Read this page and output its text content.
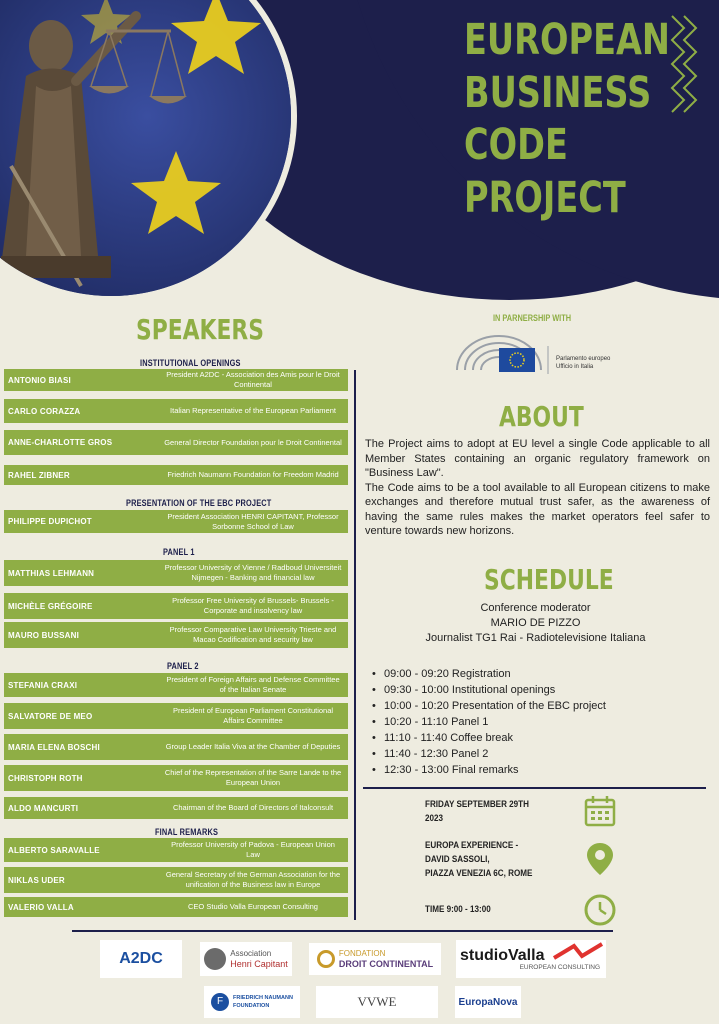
EUROPEAN
BUSINESS
CODE
PROJECT
SPEAKERS
INSTITUTIONAL OPENINGS
ANTONIO BIASI
President A2DC - Association des Amis pour le Droit Continental
CARLO CORAZZA	Italian Representative of the European Parliament
ANNE-CHARLOTTE GROS	General Director Foundation pour le Droit Continental
RAHEL ZIBNER	Friedrich Naumann Foundation for Freedom Madrid
PRESENTATION OF THE EBC PROJECT
PHILIPPE DUPICHOT
President Association HENRI CAPITANT, Professor Sorbonne School of Law
PANEL 1
MATTHIAS LEHMANN
Professor University of Vienne / Radboud Universiteit Nijmegen - Banking and financial law
MICHÈLE GRÉGOIRE
Professor Free University of Brussels- Brussels - Corporate and insolvency law
MAURO BUSSANI
Professor Comparative Law University Trieste and Macao Codification and security law
PANEL 2
STEFANIA CRAXI
President of Foreign Affairs and Defense Committee of the Italian Senate
SALVATORE DE MEO
President of European Parliament Constitutional Affairs Committee
MARIA ELENA BOSCHI	Group Leader Italia Viva at the Chamber of Deputies
CHRISTOPH ROTH
Chief of the Representation of the Sarre Lande to the European Union
ALDO MANCURTI	Chairman of the Board of Directors of Italconsult
FINAL REMARKS
ALBERTO SARAVALLE
Professor University of Padova - European Union Law
NIKLAS UDER
General Secretary of the German Association for the unification of the Business law in Europe
VALERIO VALLA	CEO Studio Valla European Consulting
IN PARNERSHIP WITH
Parlamento europeo
Ufficio in Italia
ABOUT
The Project aims to adopt at EU level a single Code applicable to all Member States containing an organic regulatory framework on "Business Law".
The Code aims to be a tool available to all European citizens to make exchanges and therefore mutual trust safer, as the awareness of having the same rules makes the market operators feel safer to venture towards new horizons.
SCHEDULE
Conference moderator
MARIO DE PIZZO
Journalist TG1 Rai - Radiotelevisione Italiana
• 09:00 - 09:20 Registration
• 09:30 - 10:00 Institutional openings
• 10:00 - 10:20 Presentation of the EBC project
• 10:20 - 11:10 Panel 1
• 11:10 - 11:40 Coffee break
• 11:40 - 12:30 Panel 2
• 12:30 - 13:00 Final remarks
FRIDAY SEPTEMBER 29TH
2023
EUROPA EXPERIENCE -
DAVID SASSOLI,
PIAZZA VENEZIA 6C, ROME
TIME 9:00 - 13:00
A2DC	Association
Henri Capitant
FONDATION
DROIT CONTINENTAL studioValla
EUROPEAN CONSULTING
F	FRIEDRICH NAUMANN
FOUNDATION	VVWE	EuropaNova
